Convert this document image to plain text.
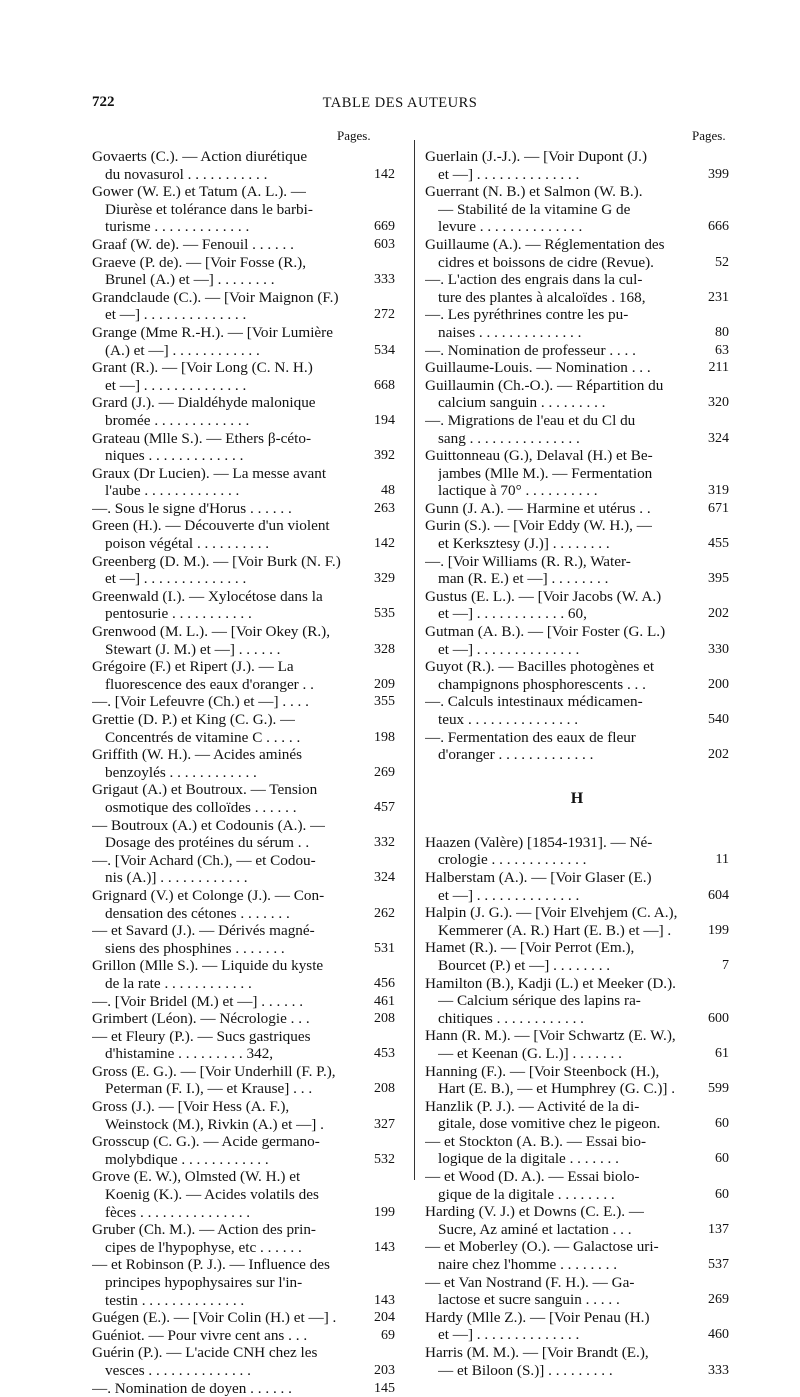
722	TABLE DES AUTEURS
Pages.	Pages.
Govaerts (C.). — Action diurétique
du novasurol . . . . . . . . . . .	142
Gower (W. E.) et Tatum (A. L.). —
Diurèse et tolérance dans le barbi-
turisme . . . . . . . . . . . . .	669
Graaf (W. de). — Fenouil . . . . . .	603
Graeve (P. de). — [Voir Fosse (R.),
Brunel (A.) et —] . . . . . . . .	333
Grandclaude (C.). — [Voir Maignon (F.)
et —] . . . . . . . . . . . . . .	272
Grange (Mme R.-H.). — [Voir Lumière
(A.) et —] . . . . . . . . . . . .	534
Grant (R.). — [Voir Long (C. N. H.)
et —] . . . . . . . . . . . . . .	668
Grard (J.). — Dialdéhyde malonique
bromée . . . . . . . . . . . . .	194
Grateau (Mlle S.). — Ethers β-céto-
niques . . . . . . . . . . . . .	392
Graux (Dr Lucien). — La messe avant
l'aube . . . . . . . . . . . . .	48
—. Sous le signe d'Horus . . . . . .	263
Green (H.). — Découverte d'un violent
poison végétal . . . . . . . . . .	142
Greenberg (D. M.). — [Voir Burk (N. F.)
et —] . . . . . . . . . . . . . .	329
Greenwald (I.). — Xylocétose dans la
pentosurie . . . . . . . . . . .	535
Grenwood (M. L.). — [Voir Okey (R.),
Stewart (J. M.) et —] . . . . . .	328
Grégoire (F.) et Ripert (J.). — La
fluorescence des eaux d'oranger . .	209
—. [Voir Lefeuvre (Ch.) et —] . . . .	355
Grettie (D. P.) et King (C. G.). —
Concentrés de vitamine C . . . . .	198
Griffith (W. H.). — Acides aminés
benzoylés . . . . . . . . . . . .	269
Grigaut (A.) et Boutroux. — Tension
osmotique des colloïdes . . . . . .	457
— Boutroux (A.) et Codounis (A.). —
Dosage des protéines du sérum . .	332
—. [Voir Achard (Ch.), — et Codou-
nis (A.)] . . . . . . . . . . . .	324
Grignard (V.) et Colonge (J.). — Con-
densation des cétones . . . . . . .	262
— et Savard (J.). — Dérivés magné-
siens des phosphines . . . . . . .	531
Grillon (Mlle S.). — Liquide du kyste
de la rate . . . . . . . . . . . .	456
—. [Voir Bridel (M.) et —] . . . . . .	461
Grimbert (Léon). — Nécrologie . . .	208
— et Fleury (P.). — Sucs gastriques
d'histamine . . . . . . . . . 342,	453
Gross (E. G.). — [Voir Underhill (F. P.),
Peterman (F. I.), — et Krause] . . .	208
Gross (J.). — [Voir Hess (A. F.),
Weinstock (M.), Rivkin (A.) et —] .	327
Grosscup (C. G.). — Acide germano-
molybdique . . . . . . . . . . . .	532
Grove (E. W.), Olmsted (W. H.) et
Koenig (K.). — Acides volatils des
fèces . . . . . . . . . . . . . . .	199
Gruber (Ch. M.). — Action des prin-
cipes de l'hypophyse, etc . . . . . .	143
— et Robinson (P. J.). — Influence des
principes hypophysaires sur l'in-
testin . . . . . . . . . . . . . .	143
Guégen (E.). — [Voir Colin (H.) et —] .	204
Guéniot. — Pour vivre cent ans . . .	69
Guérin (P.). — L'acide CNH chez les
vesces . . . . . . . . . . . . . .	203
—. Nomination de doyen . . . . . .	145
Guerlain (J.-J.). — [Voir Dupont (J.)
et —] . . . . . . . . . . . . . .	399
Guerrant (N. B.) et Salmon (W. B.).
— Stabilité de la vitamine G de
levure . . . . . . . . . . . . . .	666
Guillaume (A.). — Réglementation des
cidres et boissons de cidre (Revue).	52
—. L'action des engrais dans la cul-
ture des plantes à alcaloïdes . 168,	231
—. Les pyréthrines contre les pu-
naises . . . . . . . . . . . . . .	80
—. Nomination de professeur . . . .	63
Guillaume-Louis. — Nomination . . .	211
Guillaumin (Ch.-O.). — Répartition du
calcium sanguin . . . . . . . . .	320
—. Migrations de l'eau et du Cl du
sang . . . . . . . . . . . . . . .	324
Guittonneau (G.), Delaval (H.) et Be-
jambes (Mlle M.). — Fermentation
lactique à 70° . . . . . . . . . .	319
Gunn (J. A.). — Harmine et utérus . .	671
Gurin (S.). — [Voir Eddy (W. H.), —
et Kerksztesy (J.)] . . . . . . . .	455
—. [Voir Williams (R. R.), Water-
man (R. E.) et —] . . . . . . . .	395
Gustus (E. L.). — [Voir Jacobs (W. A.)
et —] . . . . . . . . . . . . 60,	202
Gutman (A. B.). — [Voir Foster (G. L.)
et —] . . . . . . . . . . . . . .	330
Guyot (R.). — Bacilles photogènes et
champignons phosphorescents . . .	200
—. Calculs intestinaux médicamen-
teux . . . . . . . . . . . . . . .	540
—. Fermentation des eaux de fleur
d'oranger . . . . . . . . . . . . .	202
H
Haazen (Valère) [1854-1931]. — Né-
crologie . . . . . . . . . . . . .	11
Halberstam (A.). — [Voir Glaser (E.)
et —] . . . . . . . . . . . . . .	604
Halpin (J. G.). — [Voir Elvehjem (C. A.),
Kemmerer (A. R.) Hart (E. B.) et —] .	199
Hamet (R.). — [Voir Perrot (Em.),
Bourcet (P.) et —] . . . . . . . .	7
Hamilton (B.), Kadji (L.) et Meeker (D.).
— Calcium sérique des lapins ra-
chitiques . . . . . . . . . . . .	600
Hann (R. M.). — [Voir Schwartz (E. W.),
— et Keenan (G. L.)] . . . . . . .	61
Hanning (F.). — [Voir Steenbock (H.),
Hart (E. B.), — et Humphrey (G. C.)] .	599
Hanzlik (P. J.). — Activité de la di-
gitale, dose vomitive chez le pigeon.	60
— et Stockton (A. B.). — Essai bio-
logique de la digitale . . . . . . .	60
— et Wood (D. A.). — Essai biolo-
gique de la digitale . . . . . . . .	60
Harding (V. J.) et Downs (C. E.). —
Sucre, Az aminé et lactation . . .	137
— et Moberley (O.). — Galactose uri-
naire chez l'homme . . . . . . . .	537
— et Van Nostrand (F. H.). — Ga-
lactose et sucre sanguin . . . . .	269
Hardy (Mlle Z.). — [Voir Penau (H.)
et —] . . . . . . . . . . . . . .	460
Harris (M. M.). — [Voir Brandt (E.),
— et Biloon (S.)] . . . . . . . . .	333
